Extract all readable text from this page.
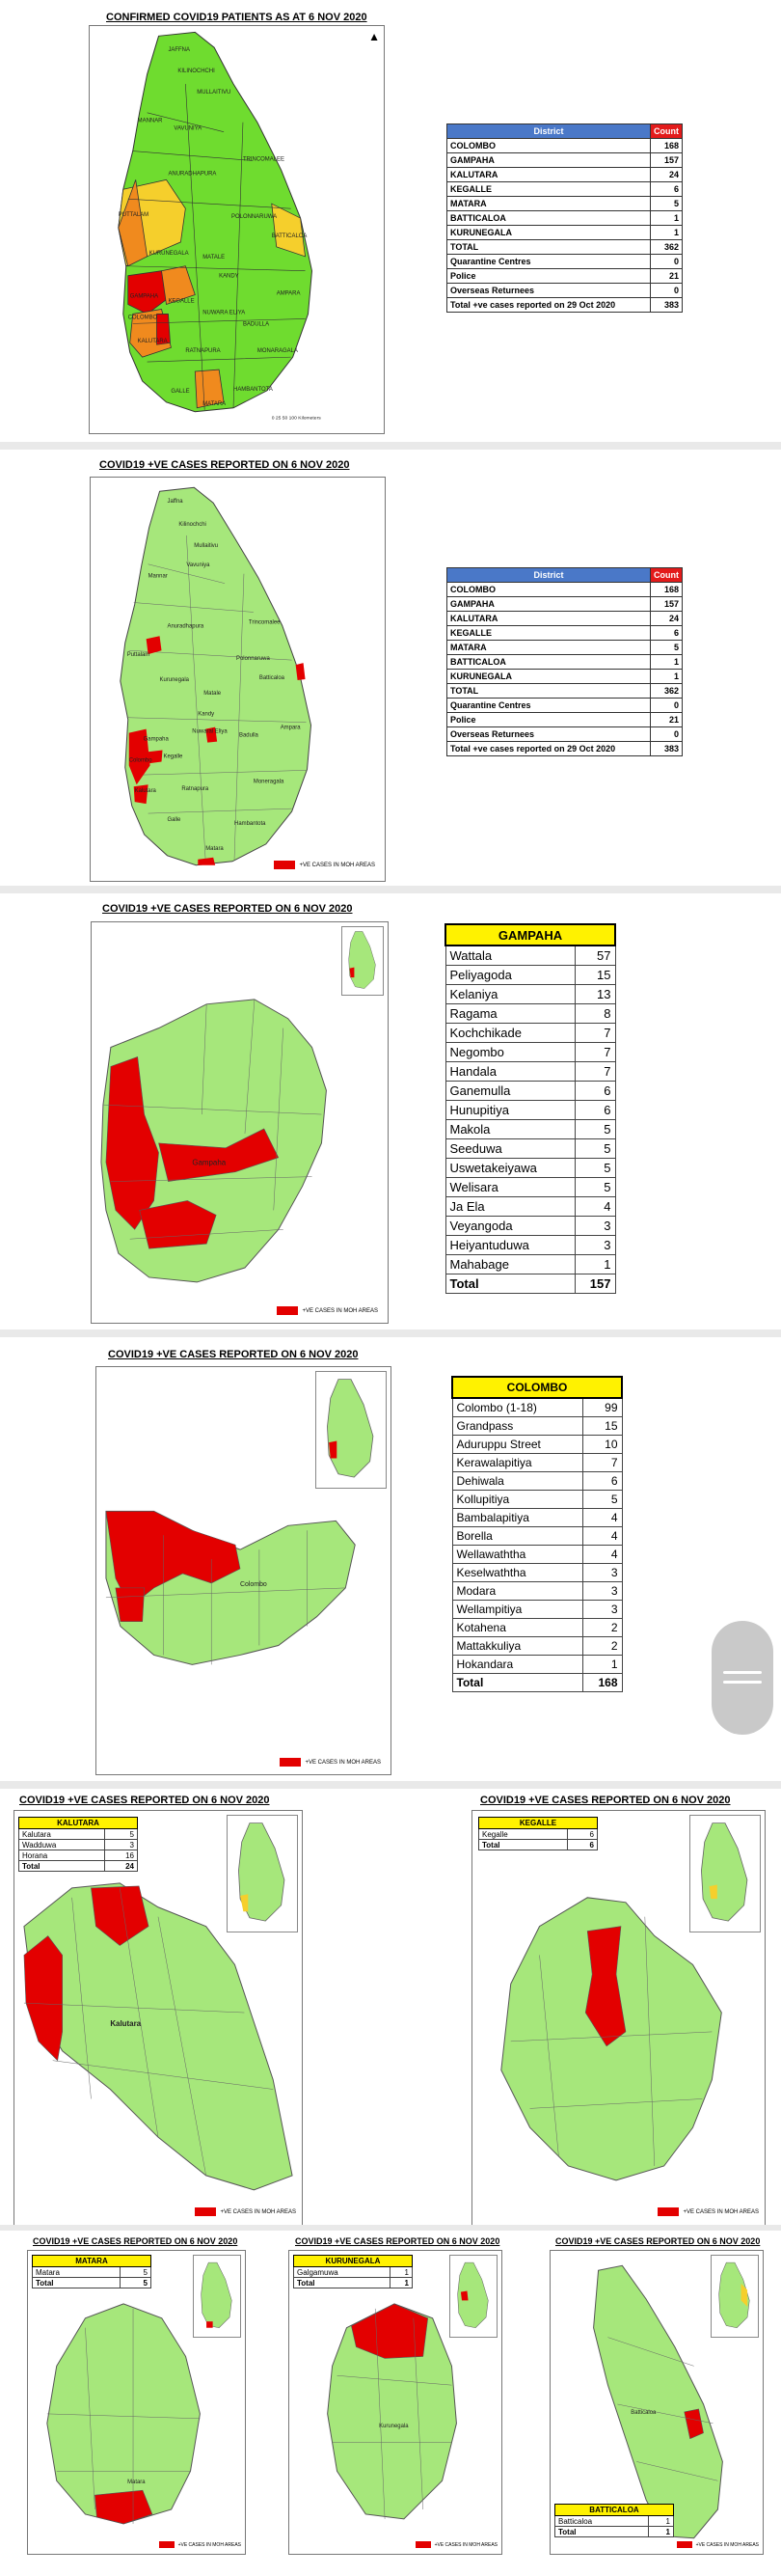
CONFIRMED COVID19 PATIENTS AS AT 6 NOV 2020
JAFFNA
KILINOCHCHI
MULLAITIVU
MANNAR
VAVUNIYA
TRINCOMALEE
ANURADHAPURA
POLONNARUWA
PUTTALAM
BATTICALOA
KURUNEGALA
MATALE
AMPARA
KANDY
GAMPAHA
KEGALLE
NUWARA ELIYA
BADULLA
COLOMBO
MONARAGALA
KALUTARA
RATNAPURA
GALLE	HAMBANTOTA
MATARA
0 25 50 100 Kilometers
▲
District	Count
COLOMBO	168
GAMPAHA	157
KALUTARA	24
KEGALLE	6
MATARA	5
BATTICALOA	1
KURUNEGALA	1
TOTAL	362
Quarantine Centres	0
Police	21
Overseas Returnees	0
Total +ve cases reported on 29 Oct 2020	383
COVID19 +VE CASES REPORTED ON 6 NOV 2020
Jaffna
Kilinochchi
Mullaitivu
Vavuniya
Mannar
Trincomalee
Anuradhapura
Polonnaruwa
Puttalam
Batticaloa
Kurunegala
Matale
Kandy
Gampaha
Nuwaral Eliya
Ampara
Badulla
Colombo
Kegalle
Moneragala
Kalutara	Ratnapura
Galle
Hambantota
Matara
+VE CASES IN MOH AREAS
District	Count
COLOMBO	168
GAMPAHA	157
KALUTARA	24
KEGALLE	6
MATARA	5
BATTICALOA	1
KURUNEGALA	1
TOTAL	362
Quarantine Centres	0
Police	21
Overseas Returnees	0
Total +ve cases reported on 29 Oct 2020	383
COVID19 +VE CASES REPORTED ON 6 NOV 2020
Gampaha
+VE CASES IN MOH AREAS
GAMPAHA	
Wattala	57
Peliyagoda	15
Kelaniya	13
Ragama	8
Kochchikade	7
Negombo	7
Handala	7
Ganemulla	6
Hunupitiya	6
Makola	5
Seeduwa	5
Uswetakeiyawa	5
Welisara	5
Ja Ela	4
Veyangoda	3
Heiyantuduwa	3
Mahabage	1
Total	157
COVID19 +VE CASES REPORTED ON 6 NOV 2020
Colombo
+VE CASES IN MOH AREAS
COLOMBO	
Colombo (1-18)	99
Grandpass	15
Aduruppu Street	10
Kerawalapitiya	7
Dehiwala	6
Kollupitiya	5
Bambalapitiya	4
Borella	4
Wellawaththa	4
Keselwaththa	3
Modara	3
Wellampitiya	3
Kotahena	2
Mattakkuliya	2
Hokandara	1
Total	168
COVID19 +VE CASES REPORTED ON 6 NOV 2020
Kalutara
+VE CASES IN MOH AREAS
KALUTARA	
Kalutara	5
Wadduwa	3
Horana	16
Total	24
COVID19 +VE CASES REPORTED ON 6 NOV 2020
+VE CASES IN MOH AREAS
KEGALLE	
Kegalle	6
Total	6
COVID19 +VE CASES REPORTED ON 6 NOV 2020
Matara
+VE CASES IN MOH AREAS
MATARA	
Matara	5
Total	5
COVID19 +VE CASES REPORTED ON 6 NOV 2020
Kurunegala
+VE CASES IN MOH AREAS
KURUNEGALA	
Galgamuwa	1
Total	1
COVID19 +VE CASES REPORTED ON 6 NOV 2020
Batticaloa
BATTICALOA	
Batticaloa	1
Total	1
+VE CASES IN MOH AREAS
